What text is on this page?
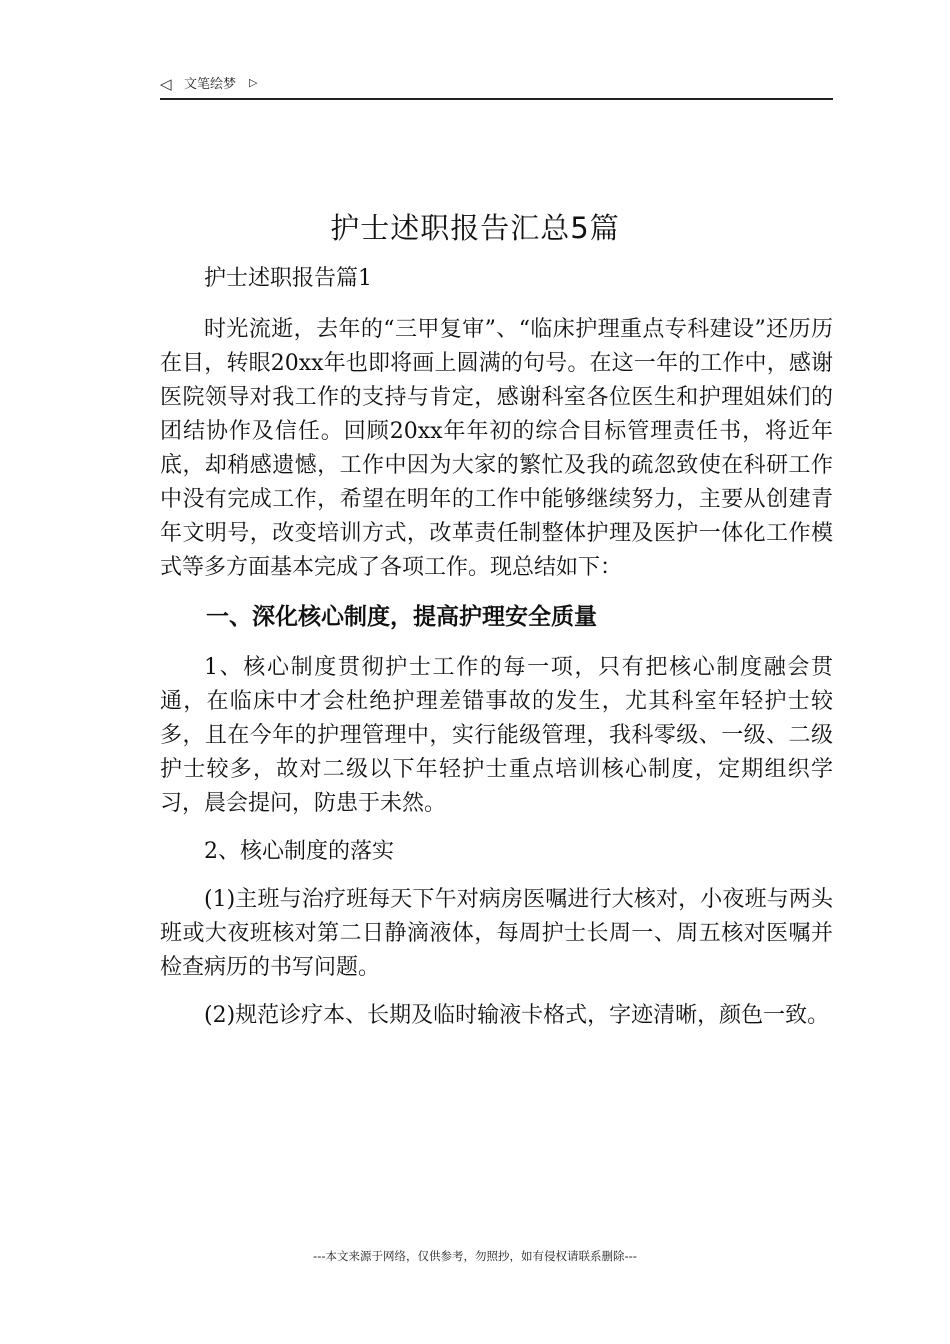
◁ 文笔绘梦 ▷
护士述职报告汇总5篇

护士述职报告篇1

时光流逝，去年的“三甲复审”、“临床护理重点专科建设”还历历在目，转眼20xx年也即将画上圆满的句号。在这一年的工作中，感谢医院领导对我工作的支持与肯定，感谢科室各位医生和护理姐妹们的团结协作及信任。回顾20xx年年初的综合目标管理责任书，将近年底，却稍感遗憾，工作中因为大家的繁忙及我的疏忽致使在科研工作中没有完成工作，希望在明年的工作中能够继续努力，主要从创建青年文明号，改变培训方式，改革责任制整体护理及医护一体化工作模式等多方面基本完成了各项工作。现总结如下：

一、深化核心制度，提高护理安全质量

1、核心制度贯彻护士工作的每一项，只有把核心制度融会贯通，在临床中才会杜绝护理差错事故的发生，尤其科室年轻护士较多，且在今年的护理管理中，实行能级管理，我科零级、一级、二级护士较多，故对二级以下年轻护士重点培训核心制度，定期组织学习，晨会提问，防患于未然。

2、核心制度的落实

(1)主班与治疗班每天下午对病房医嘱进行大核对，小夜班与两头班或大夜班核对第二日静滴液体，每周护士长周一、周五核对医嘱并检查病历的书写问题。

(2)规范诊疗本、长期及临时输液卡格式，字迹清晰，颜色一致。

---本文来源于网络，仅供参考，勿照抄，如有侵权请联系删除---
